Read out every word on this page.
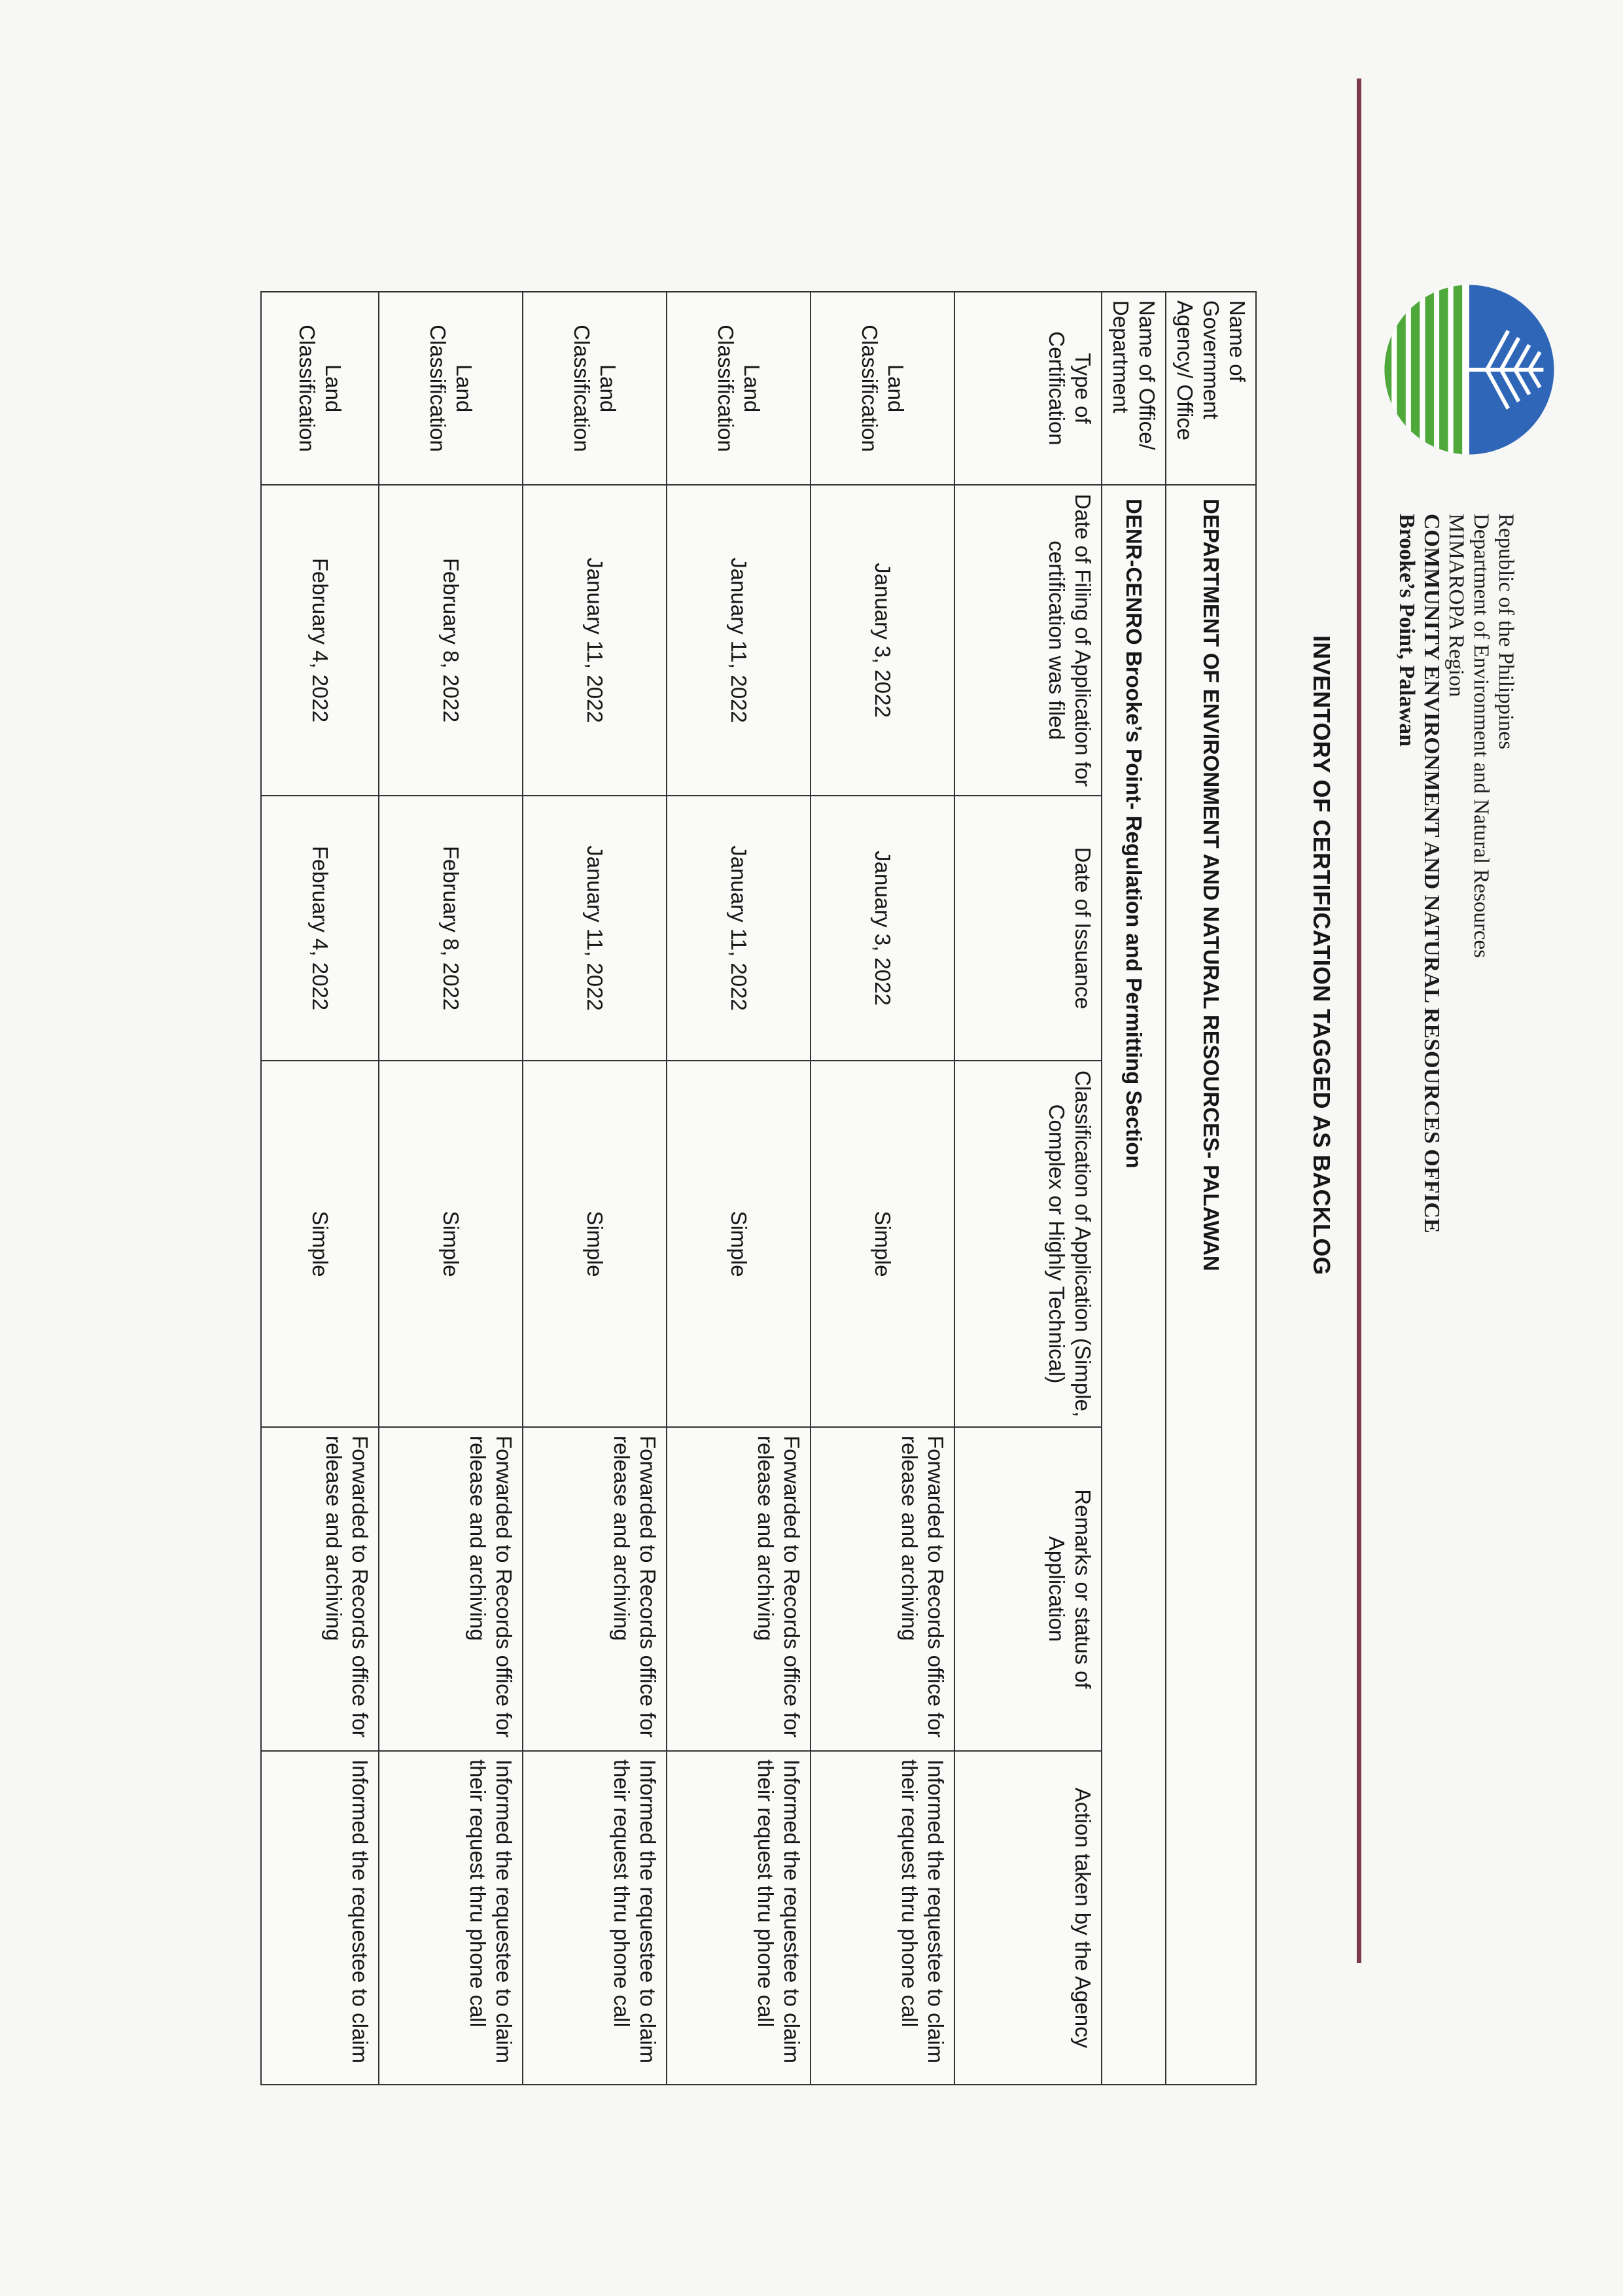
Republic of the Philippines
Department of Environment and Natural Resources
MIMAROPA Region
COMMUNITY ENVIRONMENT AND NATURAL RESOURCES OFFICE
Brooke’s Point, Palawan
INVENTORY OF CERTIFICATION TAGGED AS BACKLOG
Name of Government Agency/ Office	DEPARTMENT OF ENVIRONMENT AND NATURAL RESOURCES- PALAWAN				
Name of Office/ Department	DENR-CENRO Brooke’s Point- Regulation and Permitting Section				
Type of Certification	Date of Filing of Application for certification was filed	Date of Issuance	Classification of Application (Simple, Complex or Highly Technical)	Remarks or status of Application	Action taken by the Agency
Land Classification	January 3, 2022	January 3, 2022	Simple	Forwarded to Records office for release and archiving	Informed the requestee to claim their request thru phone call
Land Classification	January 11, 2022	January 11, 2022	Simple	Forwarded to Records office for release and archiving	Informed the requestee to claim their request thru phone call
Land Classification	January 11, 2022	January 11, 2022	Simple	Forwarded to Records office for release and archiving	Informed the requestee to claim their request thru phone call
Land Classification	February 8, 2022	February 8, 2022	Simple	Forwarded to Records office for release and archiving	Informed the requestee to claim their request thru phone call
Land Classification	February 4, 2022	February 4, 2022	Simple	Forwarded to Records office for release and archiving	Informed the requestee to claim
